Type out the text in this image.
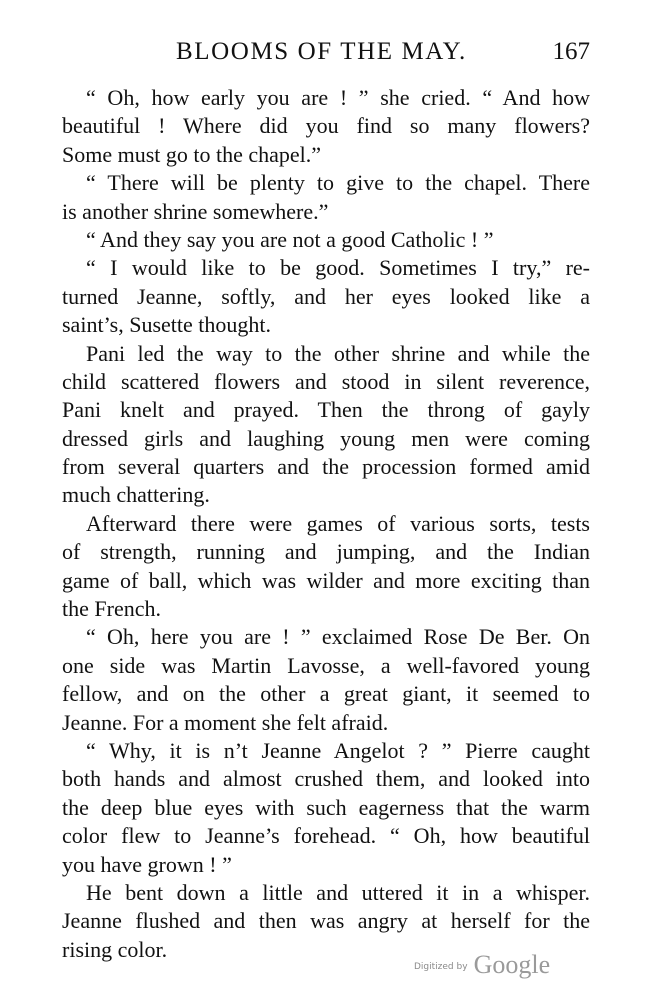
BLOOMS OF THE MAY.	167
“ Oh, how early you are ! ” she cried. “ And how
beautiful ! Where did you find so many flowers?
Some must go to the chapel.”
“ There will be plenty to give to the chapel. There
is another shrine somewhere.”
“ And they say you are not a good Catholic ! ”
“ I would like to be good. Sometimes I try,” re-
turned Jeanne, softly, and her eyes looked like a
saint’s, Susette thought.
Pani led the way to the other shrine and while the
child scattered flowers and stood in silent reverence,
Pani knelt and prayed. Then the throng of gayly
dressed girls and laughing young men were coming
from several quarters and the procession formed amid
much chattering.
Afterward there were games of various sorts, tests
of strength, running and jumping, and the Indian
game of ball, which was wilder and more exciting than
the French.
“ Oh, here you are ! ” exclaimed Rose De Ber. On
one side was Martin Lavosse, a well-favored young
fellow, and on the other a great giant, it seemed to
Jeanne. For a moment she felt afraid.
“ Why, it is n’t Jeanne Angelot ? ” Pierre caught
both hands and almost crushed them, and looked into
the deep blue eyes with such eagerness that the warm
color flew to Jeanne’s forehead. “ Oh, how beautiful
you have grown ! ”
He bent down a little and uttered it in a whisper.
Jeanne flushed and then was angry at herself for the
rising color.
$^{Digitized by}$ Google
